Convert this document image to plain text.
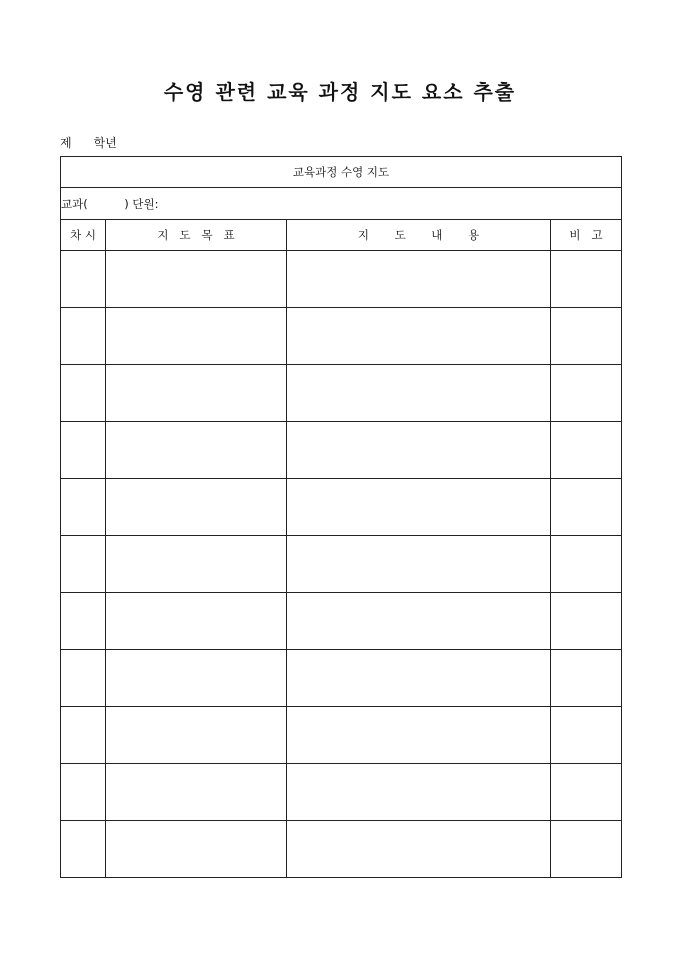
수영 관련 교육 과정 지도 요소 추출
제 학년
교육과정 수영 지도			
교과(          ) 단원:			
차 시	지   도   목   표	지       도       내       용	비   고
